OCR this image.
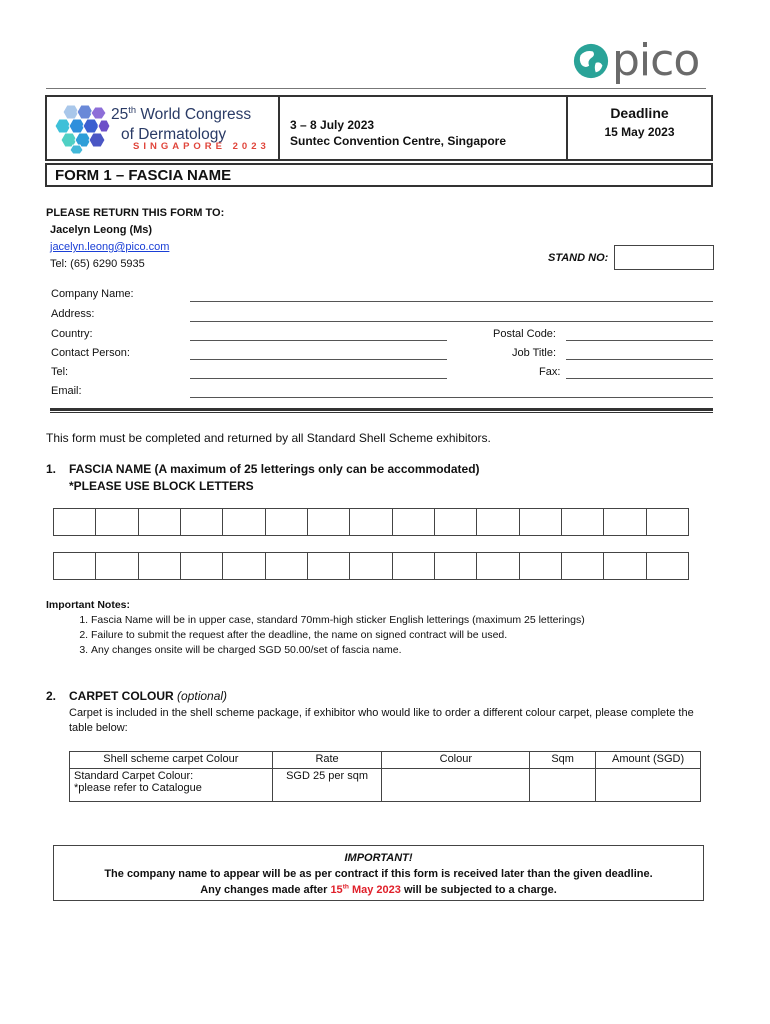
pico
25th World Congress
of Dermatology
SINGAPORE 2023
3 – 8 July 2023
Suntec Convention Centre, Singapore
Deadline
15 May 2023
FORM 1 – FASCIA NAME
PLEASE RETURN THIS FORM TO:
Jacelyn Leong (Ms)
jacelyn.leong@pico.com
Tel: (65) 6290 5935	STAND NO:
Company Name:
Address:
Country:	Postal Code:
Contact Person:	Job Title:
Tel:	Fax:
Email:
This form must be completed and returned by all Standard Shell Scheme exhibitors.
1. FASCIA NAME (A maximum of 25 letterings only can be accommodated)
*PLEASE USE BLOCK LETTERS
Important Notes:
1. Fascia Name will be in upper case, standard 70mm-high sticker English letterings (maximum 25 letterings)
2. Failure to submit the request after the deadline, the name on signed contract will be used.
3. Any changes onsite will be charged SGD 50.00/set of fascia name.
2. CARPET COLOUR (optional)
Carpet is included in the shell scheme package, if exhibitor who would like to order a different colour carpet, please complete the table below:
Shell scheme carpet Colour	Rate	Colour	Sqm	Amount (SGD)

Standard Carpet Colour:
*please refer to Catalogue	SGD 25 per sqm			
IMPORTANT!
The company name to appear will be as per contract if this form is received later than the given deadline.
Any changes made after 15th May 2023 will be subjected to a charge.
